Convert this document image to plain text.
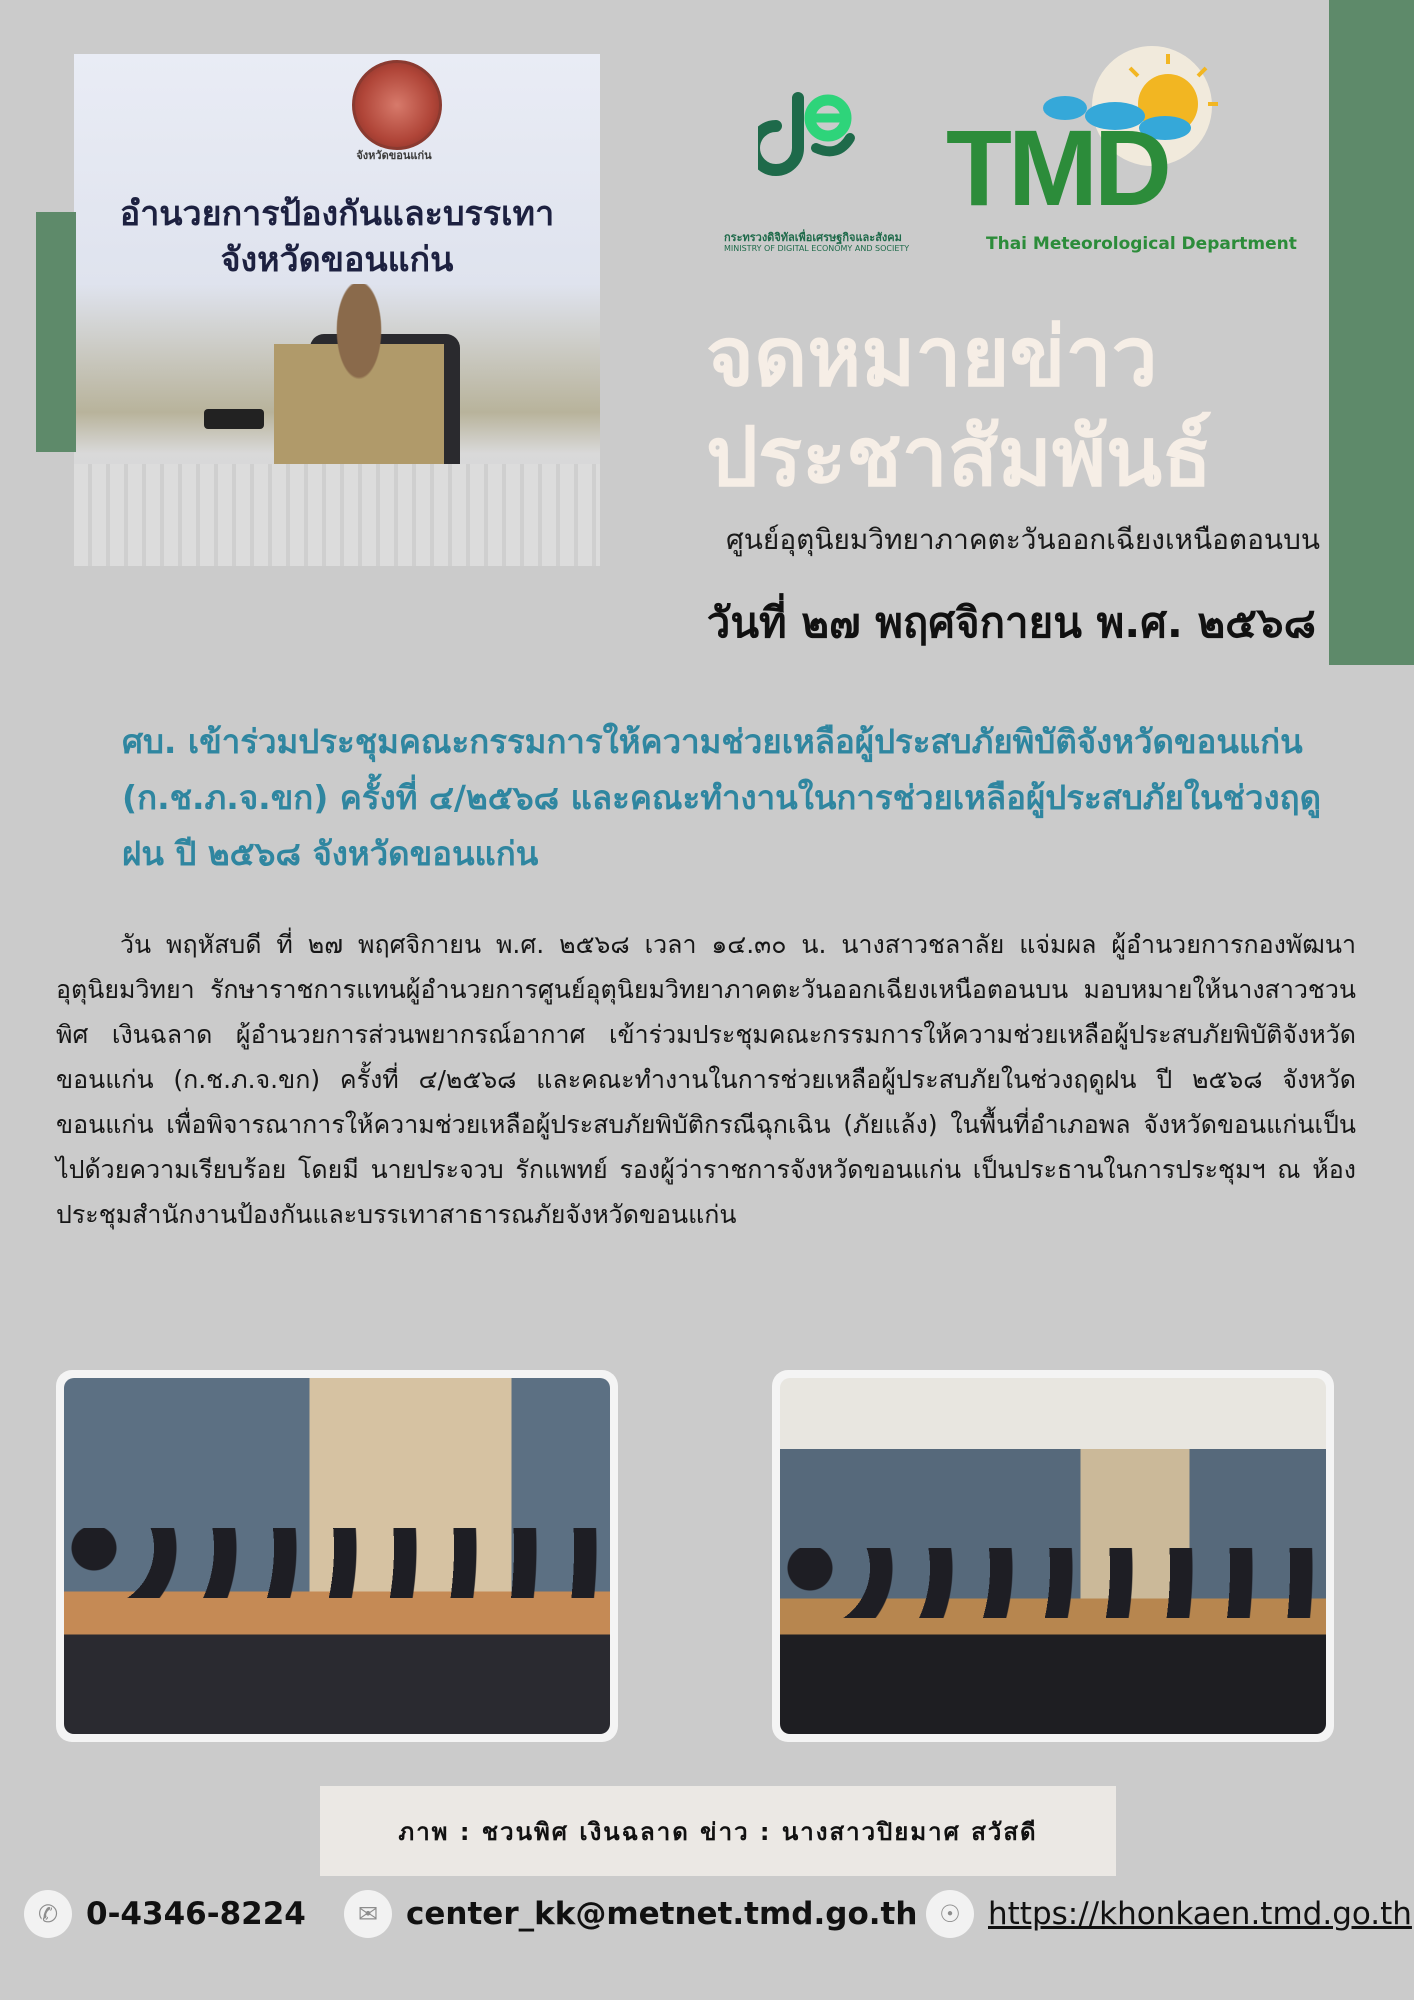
จังหวัดขอนแก่น
อำนวยการป้องกันและบรรเทา
จังหวัดขอนแก่น
กระทรวงดิจิทัลเพื่อเศรษฐกิจและสังคม
MINISTRY OF DIGITAL ECONOMY AND SOCIETY
TMD
Thai Meteorological Department
จดหมายข่าว
ประชาสัมพันธ์
ศูนย์อุตุนิยมวิทยาภาคตะวันออกเฉียงเหนือตอนบน
วันที่ ๒๗ พฤศจิกายน พ.ศ. ๒๕๖๘
ศบ. เข้าร่วมประชุมคณะกรรมการให้ความช่วยเหลือผู้ประสบภัยพิบัติจังหวัดขอนแก่น (ก.ช.ภ.จ.ขก) ครั้งที่ ๔/๒๕๖๘ และคณะทำงานในการช่วยเหลือผู้ประสบภัยในช่วงฤดูฝน ปี ๒๕๖๘ จังหวัดขอนแก่น
วัน พฤหัสบดี ที่ ๒๗ พฤศจิกายน พ.ศ. ๒๕๖๘ เวลา ๑๔.๓๐ น. นางสาวชลาลัย แจ่มผล ผู้อำนวยการกองพัฒนาอุตุนิยมวิทยา รักษาราชการแทนผู้อำนวยการศูนย์อุตุนิยมวิทยาภาคตะวันออกเฉียงเหนือตอนบน มอบหมายให้นางสาวชวนพิศ เงินฉลาด ผู้อำนวยการส่วนพยากรณ์อากาศ เข้าร่วมประชุมคณะกรรมการให้ความช่วยเหลือผู้ประสบภัยพิบัติจังหวัดขอนแก่น (ก.ช.ภ.จ.ขก) ครั้งที่ ๔/๒๕๖๘ และคณะทำงานในการช่วยเหลือผู้ประสบภัยในช่วงฤดูฝน ปี ๒๕๖๘ จังหวัดขอนแก่น เพื่อพิจารณาการให้ความช่วยเหลือผู้ประสบภัยพิบัติกรณีฉุกเฉิน (ภัยแล้ง) ในพื้นที่อำเภอพล จังหวัดขอนแก่นเป็นไปด้วยความเรียบร้อย โดยมี นายประจวบ รักแพทย์ รองผู้ว่าราชการจังหวัดขอนแก่น เป็นประธานในการประชุมฯ ณ ห้องประชุมสำนักงานป้องกันและบรรเทาสาธารณภัยจังหวัดขอนแก่น
ภาพ : ชวนพิศ เงินฉลาด ข่าว : นางสาวปิยมาศ สวัสดี
✆ 0-4346-8224	✉ center_kk@metnet.tmd.go.th ☉ https://khonkaen.tmd.go.th
